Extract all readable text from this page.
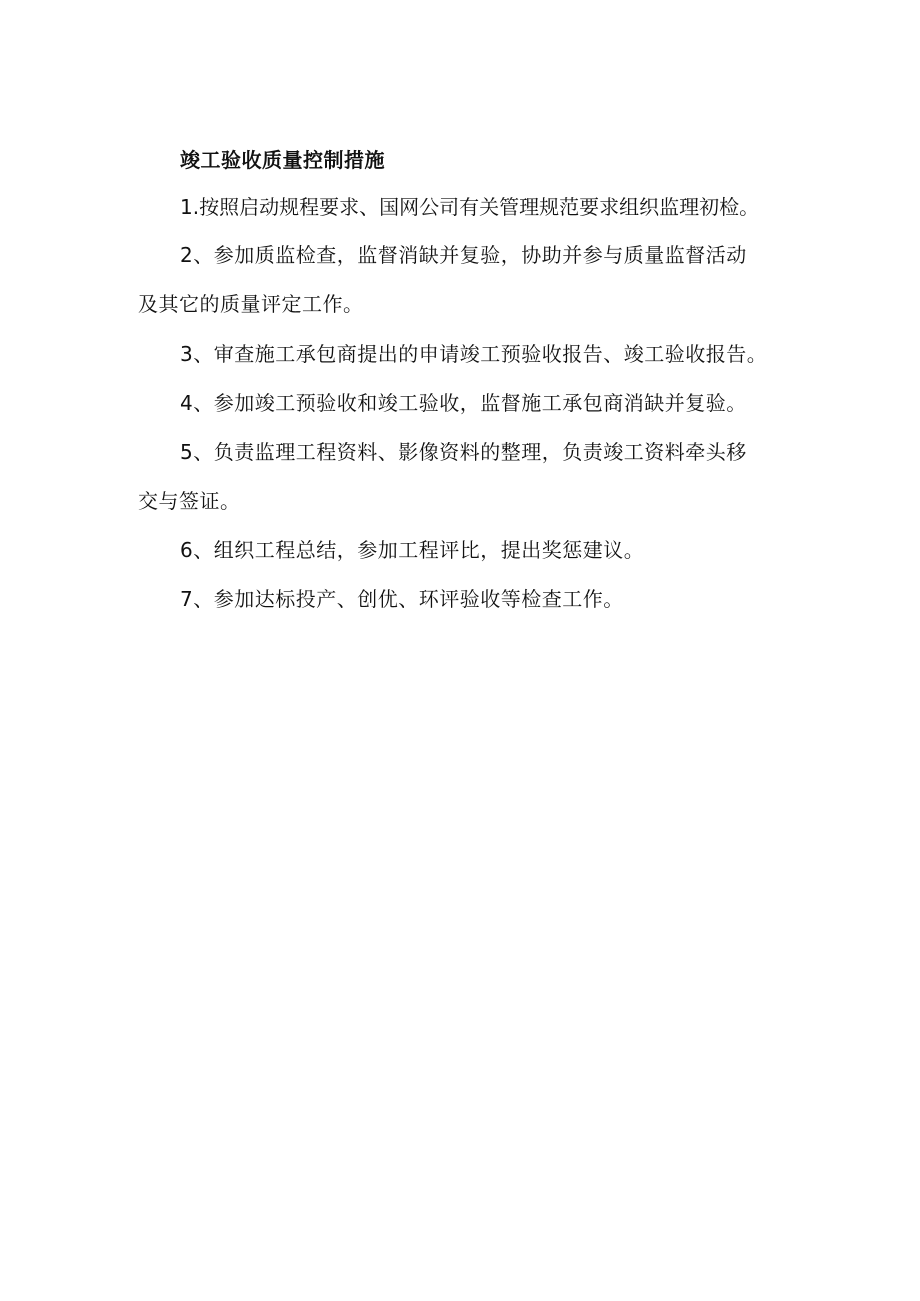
竣工验收质量控制措施
1.按照启动规程要求、国网公司有关管理规范要求组织监理初检。
2、参加质监检查，监督消缺并复验，协助并参与质量监督活动
及其它的质量评定工作。
3、审查施工承包商提出的申请竣工预验收报告、竣工验收报告。
4、参加竣工预验收和竣工验收，监督施工承包商消缺并复验。
5、负责监理工程资料、影像资料的整理，负责竣工资料牵头移
交与签证。
6、组织工程总结，参加工程评比，提出奖惩建议。
7、参加达标投产、创优、环评验收等检查工作。
